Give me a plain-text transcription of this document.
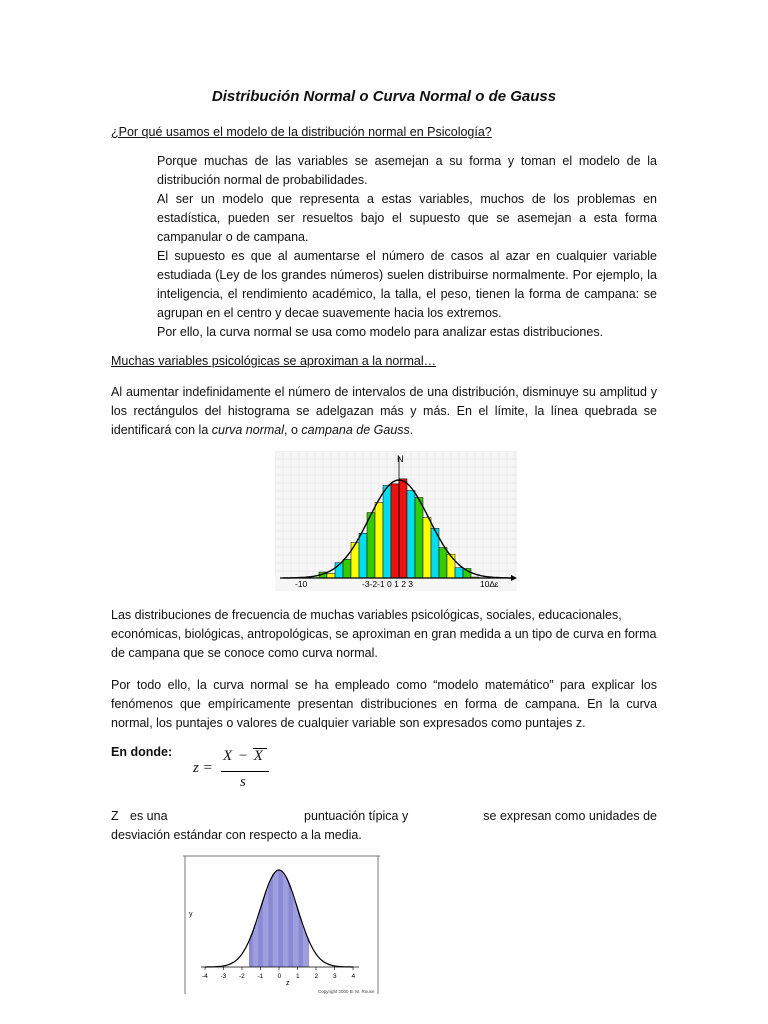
Distribución Normal o Curva Normal o de Gauss
¿Por qué usamos el modelo de la distribución normal en Psicología?
Porque muchas de las variables se asemejan a su forma y toman el modelo de la distribución normal de probabilidades.
Al ser un modelo que representa a estas variables, muchos de los problemas en estadística, pueden ser resueltos bajo el supuesto que se asemejan a esta forma campanular o de campana.
El supuesto es que al aumentarse el número de casos al azar en cualquier variable estudiada (Ley de los grandes números) suelen distribuirse normalmente. Por ejemplo, la inteligencia, el rendimiento académico, la talla, el peso, tienen la forma de campana: se agrupan en el centro y decae suavemente hacia los extremos.
Por ello, la curva normal se usa como modelo para analizar estas distribuciones.
Muchas variables psicológicas se aproximan a la normal…
Al aumentar indefinidamente el número de intervalos de una distribución, disminuye su amplitud y los rectángulos del histograma se adelgazan más y más. En el límite, la línea quebrada se identificará con la curva normal, o campana de Gauss.
N
-10	-3-2-1 0 1 2 3	10∆ε
Las distribuciones de frecuencia de muchas variables psicológicas, sociales, educacionales, económicas, biológicas, antropológicas, se aproximan en gran medida a un tipo de curva en forma de campana que se conoce como curva normal.
Por todo ello, la curva normal se ha empleado como “modelo matemático” para explicar los fenómenos que empíricamente presentan distribuciones en forma de campana. En la curva normal, los puntajes o valores de cualquier variable son expresados como puntajes z.
En donde:
z =
X − X
s
Z es una	puntuación típica y	se expresan como unidades de
desviación estándar con respecto a la media.
-4 -3 -2 -1 0 1 2 3 4
y
z
Copyright 2000 B. M. Rouse
